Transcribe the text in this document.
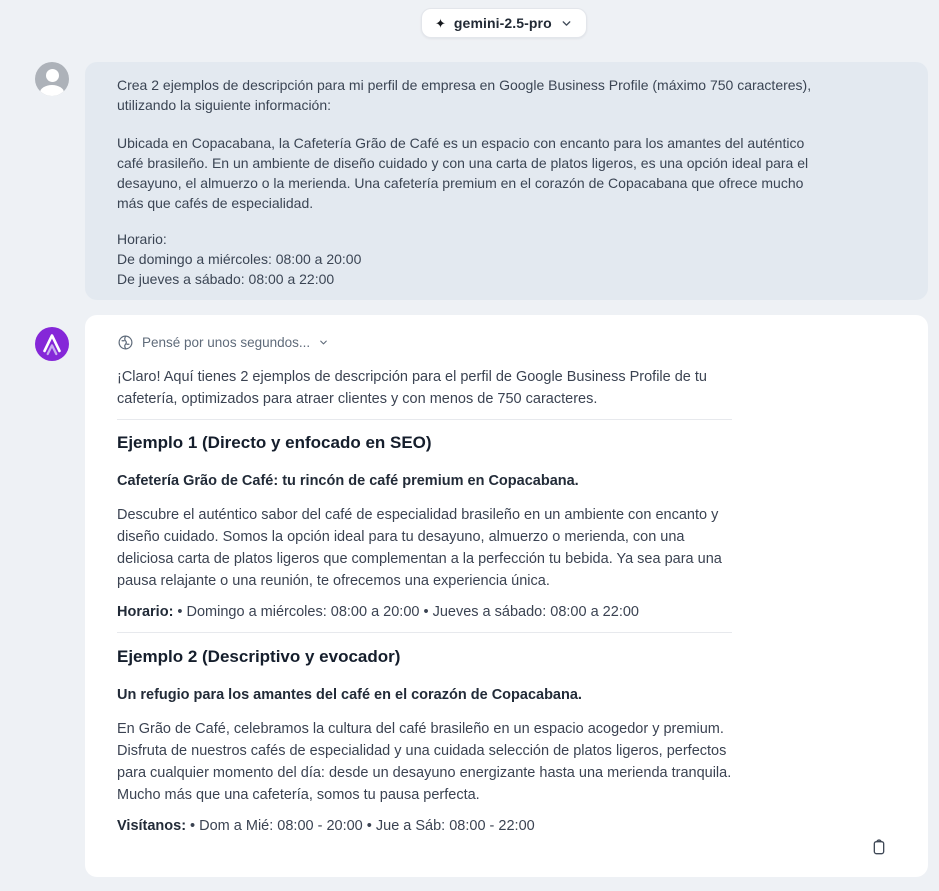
✦ gemini-2.5-pro

Crea 2 ejemplos de descripción para mi perfil de empresa en Google Business Profile (máximo 750 caracteres), utilizando la siguiente información:

Ubicada en Copacabana, la Cafetería Grão de Café es un espacio con encanto para los amantes del auténtico café brasileño. En un ambiente de diseño cuidado y con una carta de platos ligeros, es una opción ideal para el desayuno, el almuerzo o la merienda. Una cafetería premium en el corazón de Copacabana que ofrece mucho más que cafés de especialidad.

Horario:
De domingo a miércoles: 08:00 a 20:00
De jueves a sábado: 08:00 a 22:00
Pensé por unos segundos...

¡Claro! Aquí tienes 2 ejemplos de descripción para el perfil de Google Business Profile de tu cafetería, optimizados para atraer clientes y con menos de 750 caracteres.

Ejemplo 1 (Directo y enfocado en SEO)

Cafetería Grão de Café: tu rincón de café premium en Copacabana.

Descubre el auténtico sabor del café de especialidad brasileño en un ambiente con encanto y diseño cuidado. Somos la opción ideal para tu desayuno, almuerzo o merienda, con una deliciosa carta de platos ligeros que complementan a la perfección tu bebida. Ya sea para una pausa relajante o una reunión, te ofrecemos una experiencia única.

Horario: • Domingo a miércoles: 08:00 a 20:00 • Jueves a sábado: 08:00 a 22:00

Ejemplo 2 (Descriptivo y evocador)

Un refugio para los amantes del café en el corazón de Copacabana.

En Grão de Café, celebramos la cultura del café brasileño en un espacio acogedor y premium. Disfruta de nuestros cafés de especialidad y una cuidada selección de platos ligeros, perfectos para cualquier momento del día: desde un desayuno energizante hasta una merienda tranquila. Mucho más que una cafetería, somos tu pausa perfecta.

Visítanos: • Dom a Mié: 08:00 - 20:00 • Jue a Sáb: 08:00 - 22:00
